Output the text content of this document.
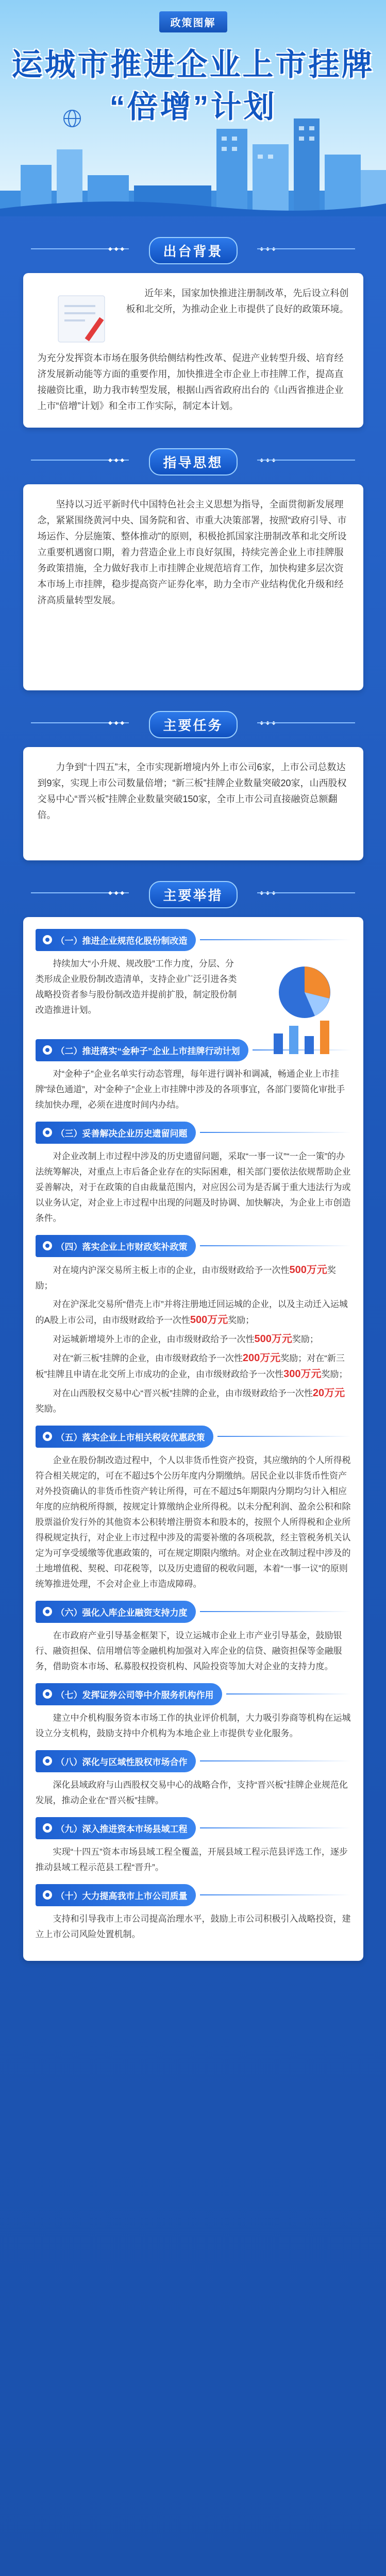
政策图解
运城市推进企业上市挂牌
“倍增”计划
◆◆◆	出台背景

近年来，国家加快推进注册制改革，先后设立科创板和北交所，为推动企业上市提供了良好的政策环境。

为充分发挥资本市场在服务供给侧结构性改革、促进产业转型升级、培育经济发展新动能等方面的重要作用，加快推进全市企业上市挂牌工作，提高直接融资比重，助力我市转型发展，根据山西省政府出台的《山西省推进企业上市“倍增”计划》和全市工作实际，制定本计划。

◆◆◆	指导思想

坚持以习近平新时代中国特色社会主义思想为指导，全面贯彻新发展理念，紧紧围绕黄河中央、国务院和省、市重大决策部署，按照“政府引导、市场运作、分层施策、整体推动”的原则，积极抢抓国家注册制改革和北交所设立重要机遇窗口期，着力营造企业上市良好氛围，持续完善企业上市挂牌服务政策措施，全力做好我市上市挂牌企业规范培育工作，加快构建多层次资本市场上市挂牌，稳步提高资产证券化率，助力全市产业结构优化升级和经济高质量转型发展。

◆◆◆	主要任务

力争到“十四五”末，全市实现新增境内外上市公司6家，上市公司总数达到9家，实现上市公司数量倍增；“新三板”挂牌企业数量突破20家，山西股权交易中心“晋兴板”挂牌企业数量突破150家，全市上市公司直接融资总额翻倍。

◆◆◆	主要举措
（一）推进企业规范化股份制改造

持续加大“小升规、规改股”工作力度，分层、分类形成企业股份制改造清单，支持企业广泛引进各类战略投资者参与股份制改造并提前扩股，制定股份制改造推进计划。

（二）推进落实“金种子”企业上市挂牌行动计划

对“金种子”企业名单实行动态管理，每年进行调补和调减，畅通企业上市挂牌“绿色通道”，对“金种子”企业上市挂牌中涉及的各项事宜，各部门要简化审批手续加快办理，必须在进度时间内办结。

（三）妥善解决企业历史遗留问题

对企业改制上市过程中涉及的历史遗留问题，采取“一事一议”“一企一策”的办法统筹解决，对重点上市后备企业存在的实际困难，相关部门要依法依规帮助企业妥善解决，对于在政策的自由裁量范围内，对应因公司为是否属于重大违法行为或以业务认定，对企业上市过程中出现的问题及时协调、加快解决，为企业上市创造条件。

（四）落实企业上市财政奖补政策

对在境内沪深交易所主板上市的企业，由市级财政给予一次性500万元奖励；

对在沪深北交易所“借壳上市”并将注册地迁回运城的企业，以及主动迁入运城的A股上市公司，由市级财政给予一次性500万元奖励；

对运城新增境外上市的企业，由市级财政给予一次性500万元奖励；

对在“新三板”挂牌的企业，由市级财政给予一次性200万元奖励；对在“新三板”挂牌且申请在北交所上市成功的企业，由市级财政给予一次性300万元奖励；

对在山西股权交易中心“晋兴板”挂牌的企业，由市级财政给予一次性20万元奖励。

（五）落实企业上市相关税收优惠政策

企业在股份制改造过程中，个人以非货币性资产投资，其应缴纳的个人所得税符合相关规定的，可在不超过5个公历年度内分期缴纳。居民企业以非货币性资产对外投资确认的非货币性资产转让所得，可在不超过5年期限内分期均匀计入相应年度的应纳税所得额，按规定计算缴纳企业所得税。以未分配利润、盈余公积和除股票溢价发行外的其他资本公积转增注册资本和股本的，按照个人所得税和企业所得税规定执行，对企业上市过程中涉及的需要补缴的各项税款，经主管税务机关认定为可享受缓缴等优惠政策的，可在规定期限内缴纳。对企业在改制过程中涉及的土地增值税、契税、印花税等，以及历史遗留的税收问题，本着“一事一议”的原则统筹推进处理，不会对企业上市造成障碍。

（六）强化入库企业融资支持力度

在市政府产业引导基金框架下，设立运城市企业上市产业引导基金，鼓励银行、融资担保、信用增信等金融机构加强对入库企业的信贷、融资担保等金融服务，借助资本市场、私募股权投资机构、风险投资等加大对企业的支持力度。

（七）发挥证券公司等中介服务机构作用

建立中介机构服务资本市场工作的执业评价机制，大力吸引券商等机构在运城设立分支机构，鼓励支持中介机构为本地企业上市提供专业化服务。

（八）深化与区域性股权市场合作

深化县域政府与山西股权交易中心的战略合作，支持“晋兴板”挂牌企业规范化发展，推动企业在“晋兴板”挂牌。

（九）深入推进资本市场县域工程

实现“十四五”资本市场县域工程全覆盖，开展县域工程示范县评选工作，逐步推动县域工程示范县工程“晋升”。

（十）大力提高我市上市公司质量

支持和引导我市上市公司提高治理水平，鼓励上市公司积极引入战略投资，建立上市公司风险处置机制。
